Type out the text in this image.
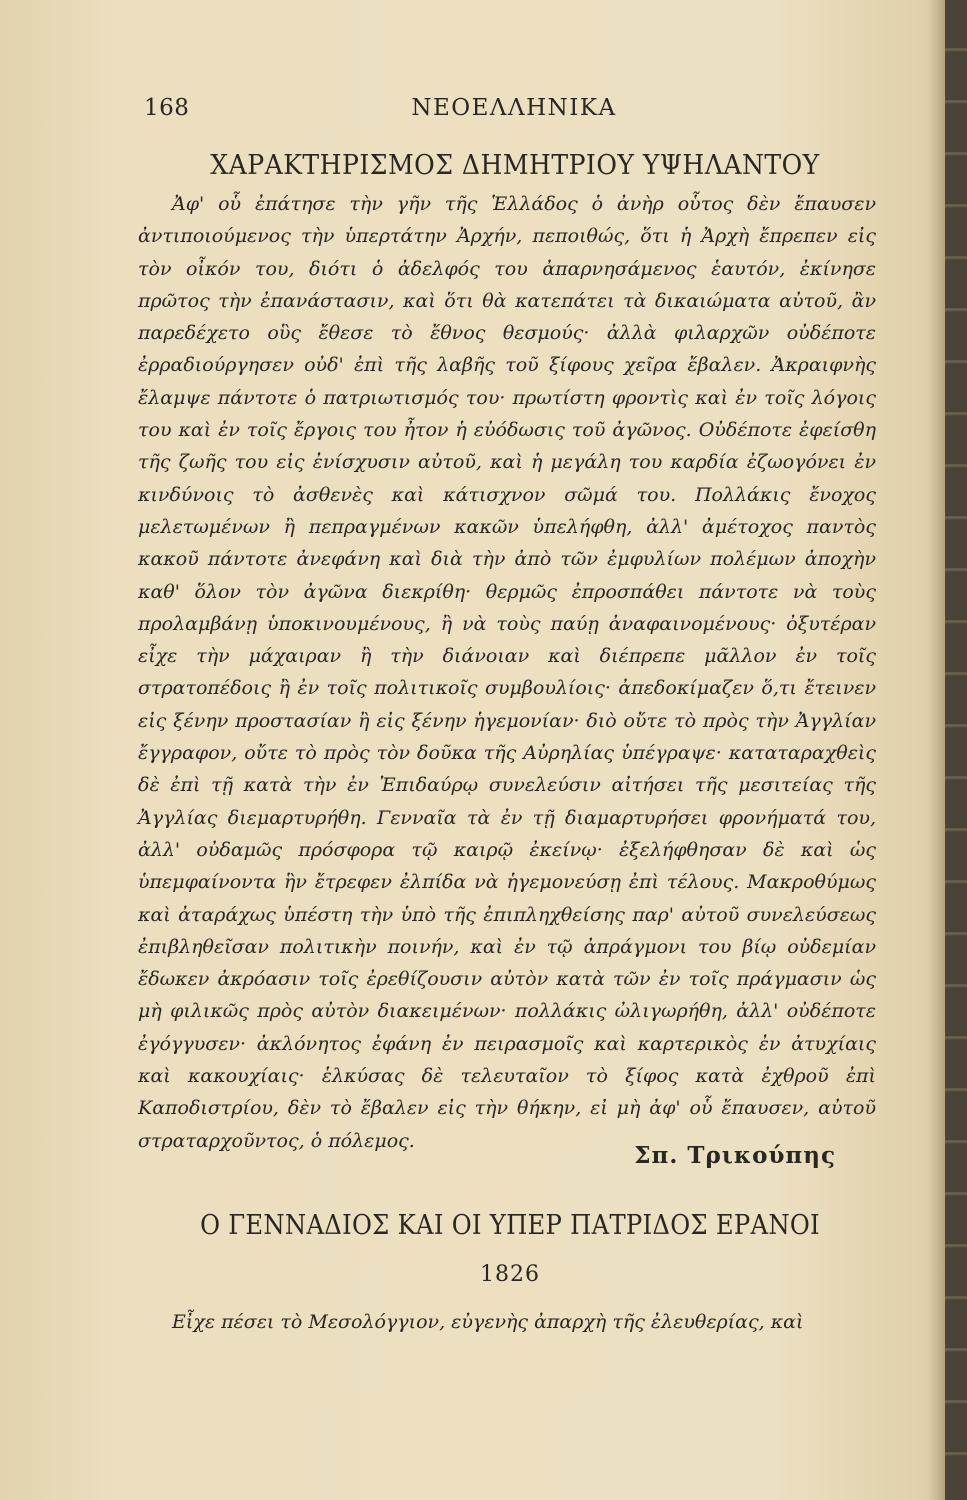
168	ΝΕΟΕΛΛΗΝΙΚΑ
ΧΑΡΑΚΤΗΡΙΣΜΟΣ ΔΗΜΗΤΡΙΟΥ ΥΨΗΛΑΝΤΟΥ
Ἀφ' οὗ ἐπάτησε τὴν γῆν τῆς Ἑλλάδος ὁ ἀνὴρ οὗτος δὲν ἔπαυσεν ἀντιποιούμενος τὴν ὑπερτάτην Ἀρχήν, πεποιθώς, ὅτι ἡ Ἀρχὴ ἔπρεπεν εἰς τὸν οἶκόν του, διότι ὁ ἀδελφός του ἀπαρνησάμενος ἑαυτόν, ἐκίνησε πρῶτος τὴν ἐπανάστασιν, καὶ ὅτι θὰ κατεπάτει τὰ δικαιώματα αὐτοῦ, ἂν παρεδέχετο οὓς ἔθεσε τὸ ἔθνος θεσμούς· ἀλλὰ φιλαρχῶν οὐδέποτε ἐρραδιούργησεν οὐδ' ἐπὶ τῆς λαβῆς τοῦ ξίφους χεῖρα ἔβαλεν. Ἀκραιφνὴς ἔλαμψε πάντοτε ὁ πατριωτισμός του· πρωτίστη φροντὶς καὶ ἐν τοῖς λόγοις του καὶ ἐν τοῖς ἔργοις του ἦτον ἡ εὐόδωσις τοῦ ἀγῶνος. Οὐδέποτε ἐφείσθη τῆς ζωῆς του εἰς ἐνίσχυσιν αὐτοῦ, καὶ ἡ μεγάλη του καρδία ἐζωογόνει ἐν κινδύνοις τὸ ἀσθενὲς καὶ κάτισχνον σῶμά του. Πολλάκις ἔνοχος μελετωμένων ἢ πεπραγμένων κακῶν ὑπελήφθη, ἀλλ' ἀμέτοχος παντὸς κακοῦ πάντοτε ἀνεφάνη καὶ διὰ τὴν ἀπὸ τῶν ἐμφυλίων πολέμων ἀποχὴν καθ' ὅλον τὸν ἀγῶνα διεκρίθη· θερμῶς ἐπροσπάθει πάντοτε νὰ τοὺς προλαμβάνῃ ὑποκινουμένους, ἢ νὰ τοὺς παύῃ ἀναφαινομένους· ὀξυτέραν εἶχε τὴν μάχαιραν ἢ τὴν διάνοιαν καὶ διέπρεπε μᾶλλον ἐν τοῖς στρατοπέδοις ἢ ἐν τοῖς πολιτικοῖς συμβουλίοις· ἀπεδοκίμαζεν ὅ,τι ἔτεινεν εἰς ξένην προστασίαν ἢ εἰς ξένην ἡγεμονίαν· διὸ οὔτε τὸ πρὸς τὴν Ἀγγλίαν ἔγγραφον, οὔτε τὸ πρὸς τὸν δοῦκα τῆς Αὐρηλίας ὑπέγραψε· καταταραχθεὶς δὲ ἐπὶ τῇ κατὰ τὴν ἐν Ἐπιδαύρῳ συνελεύσιν αἰτήσει τῆς μεσιτείας τῆς Ἀγγλίας διεμαρτυρήθη. Γενναῖα τὰ ἐν τῇ διαμαρτυρήσει φρονήματά του, ἀλλ' οὐδαμῶς πρόσφορα τῷ καιρῷ ἐκείνῳ· ἐξελήφθησαν δὲ καὶ ὡς ὑπεμφαίνοντα ἣν ἔτρεφεν ἐλπίδα νὰ ἡγεμονεύσῃ ἐπὶ τέλους. Μακροθύμως καὶ ἀταράχως ὑπέστη τὴν ὑπὸ τῆς ἐπιπληχθείσης παρ' αὐτοῦ συνελεύσεως ἐπιβληθεῖσαν πολιτικὴν ποινήν, καὶ ἐν τῷ ἀπράγμονι του βίῳ οὐδεμίαν ἔδωκεν ἀκρόασιν τοῖς ἐρεθίζουσιν αὐτὸν κατὰ τῶν ἐν τοῖς πράγμασιν ὡς μὴ φιλικῶς πρὸς αὐτὸν διακειμένων· πολλάκις ὠλιγωρήθη, ἀλλ' οὐδέποτε ἐγόγγυσεν· ἀκλόνητος ἐφάνη ἐν πειρασμοῖς καὶ καρτερικὸς ἐν ἀτυχίαις καὶ κακουχίαις· ἑλκύσας δὲ τελευταῖον τὸ ξίφος κατὰ ἐχθροῦ ἐπὶ Καποδιστρίου, δὲν τὸ ἔβαλεν εἰς τὴν θήκην, εἰ μὴ ἀφ' οὗ ἔπαυσεν, αὐτοῦ στραταρχοῦντος, ὁ πόλεμος.
Σπ. Τρικούπης
Ο ΓΕΝΝΑΔΙΟΣ ΚΑΙ ΟΙ ΥΠΕΡ ΠΑΤΡΙΔΟΣ ΕΡΑΝΟΙ
1826
Εἶχε πέσει τὸ Μεσολόγγιον, εὐγενὴς ἀπαρχὴ τῆς ἐλευθερίας, καὶ
